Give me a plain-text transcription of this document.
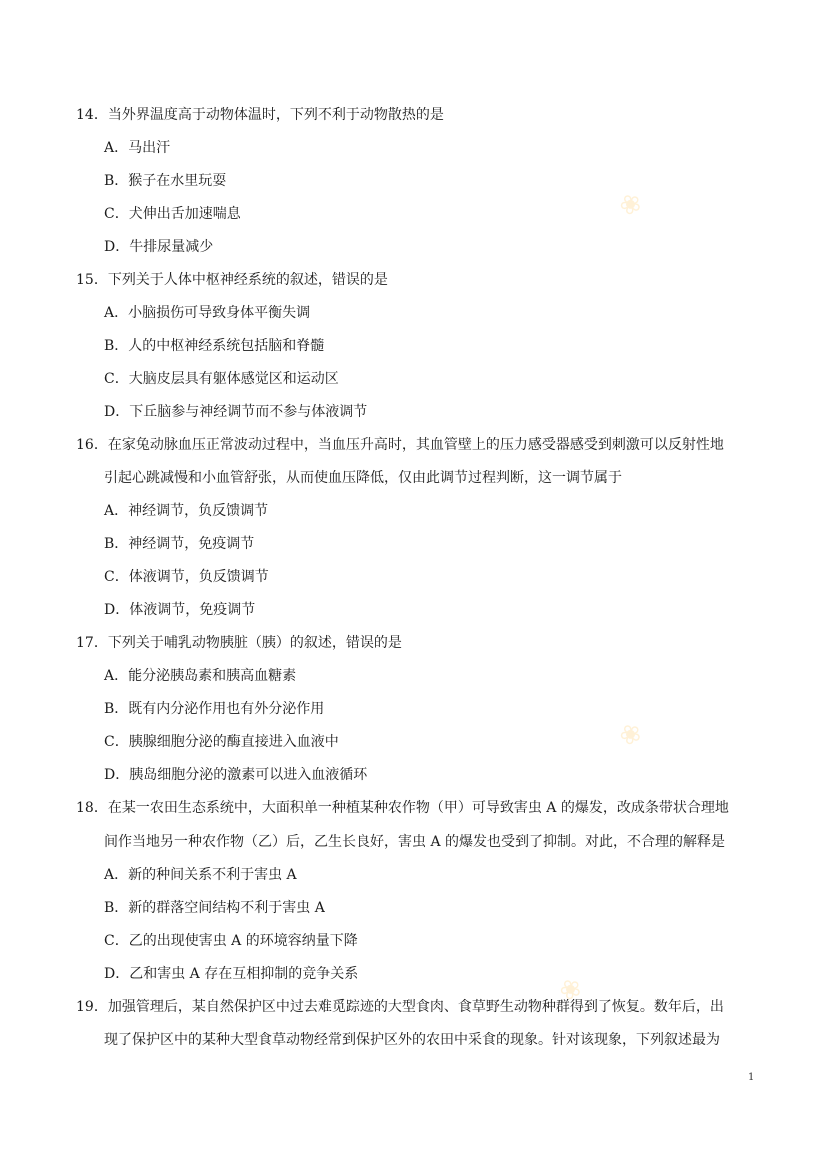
❀
❀
❀
14．当外界温度高于动物体温时，下列不利于动物散热的是
A．马出汗
B．猴子在水里玩耍
C．犬伸出舌加速喘息
D．牛排尿量减少
15．下列关于人体中枢神经系统的叙述，错误的是
A．小脑损伤可导致身体平衡失调
B．人的中枢神经系统包括脑和脊髓
C．大脑皮层具有躯体感觉区和运动区
D．下丘脑参与神经调节而不参与体液调节
16．在家兔动脉血压正常波动过程中，当血压升高时，其血管壁上的压力感受器感受到刺激可以反射性地
引起心跳减慢和小血管舒张，从而使血压降低，仅由此调节过程判断，这一调节属于
A．神经调节，负反馈调节
B．神经调节，免疫调节
C．体液调节，负反馈调节
D．体液调节，免疫调节
17．下列关于哺乳动物胰脏（胰）的叙述，错误的是
A．能分泌胰岛素和胰高血糖素
B．既有内分泌作用也有外分泌作用
C．胰腺细胞分泌的酶直接进入血液中
D．胰岛细胞分泌的激素可以进入血液循环
18．在某一农田生态系统中，大面积单一种植某种农作物（甲）可导致害虫 A 的爆发，改成条带状合理地
间作当地另一种农作物（乙）后，乙生长良好，害虫 A 的爆发也受到了抑制。对此，不合理的解释是
A．新的种间关系不利于害虫 A
B．新的群落空间结构不利于害虫 A
C．乙的出现使害虫 A 的环境容纳量下降
D．乙和害虫 A 存在互相抑制的竞争关系
19．加强管理后，某自然保护区中过去难觅踪迹的大型食肉、食草野生动物种群得到了恢复。数年后，出
现了保护区中的某种大型食草动物经常到保护区外的农田中采食的现象。针对该现象，下列叙述最为
1
